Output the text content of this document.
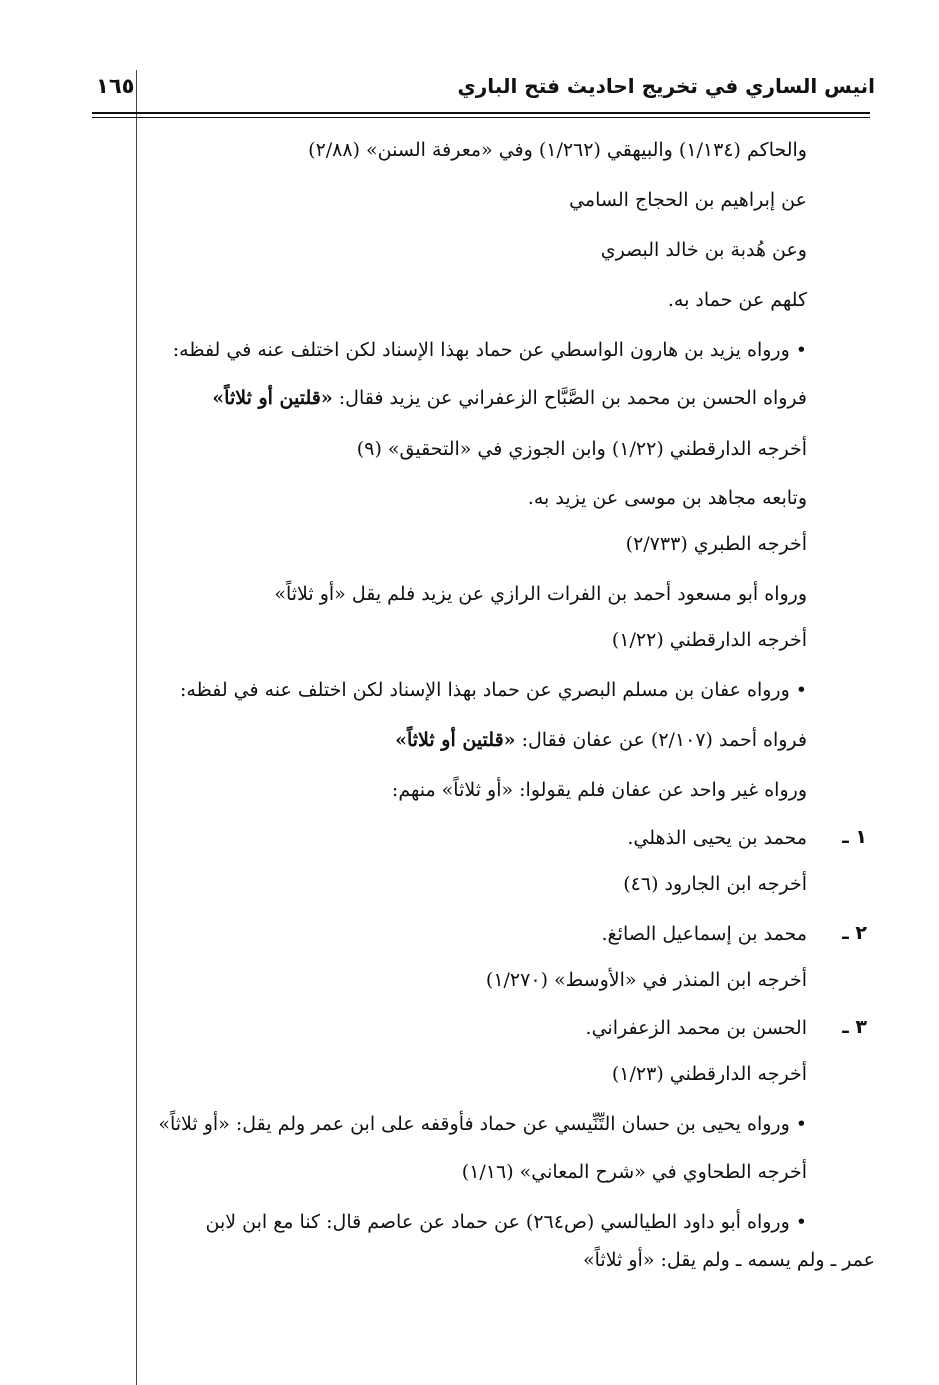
انيس الساري في تخريج احاديث فتح الباري
١٦٥
والحاكم (١/١٣٤) والبيهقي (١/٢٦٢) وفي «معرفة السنن» (٢/٨٨)
عن إبراهيم بن الحجاج السامي
وعن هُدبة بن خالد البصري
كلهم عن حماد به.
• ورواه يزيد بن هارون الواسطي عن حماد بهذا الإسناد لكن اختلف عنه في لفظه:
فرواه الحسن بن محمد بن الصَّبَّاح الزعفراني عن يزيد فقال: «قلتين أو ثلاثاً»
أخرجه الدارقطني (١/٢٢) وابن الجوزي في «التحقيق» (٩)
وتابعه مجاهد بن موسى عن يزيد به.
أخرجه الطبري (٢/٧٣٣)
ورواه أبو مسعود أحمد بن الفرات الرازي عن يزيد فلم يقل «أو ثلاثاً»
أخرجه الدارقطني (١/٢٢)
• ورواه عفان بن مسلم البصري عن حماد بهذا الإسناد لكن اختلف عنه في لفظه:
فرواه أحمد (٢/١٠٧) عن عفان فقال: «قلتين أو ثلاثاً»
ورواه غير واحد عن عفان فلم يقولوا: «أو ثلاثاً» منهم:
١ ـ
محمد بن يحيى الذهلي.
أخرجه ابن الجارود (٤٦)
٢ ـ
محمد بن إسماعيل الصائغ.
أخرجه ابن المنذر في «الأوسط» (١/٢٧٠)
٣ ـ
الحسن بن محمد الزعفراني.
أخرجه الدارقطني (١/٢٣)
• ورواه يحيى بن حسان التِّنِّيسي عن حماد فأوقفه على ابن عمر ولم يقل: «أو ثلاثاً»
أخرجه الطحاوي في «شرح المعاني» (١/١٦)
• ورواه أبو داود الطيالسي (ص٢٦٤) عن حماد عن عاصم قال: كنا مع ابن لابن
عمر ـ ولم يسمه ـ ولم يقل: «أو ثلاثاً»
